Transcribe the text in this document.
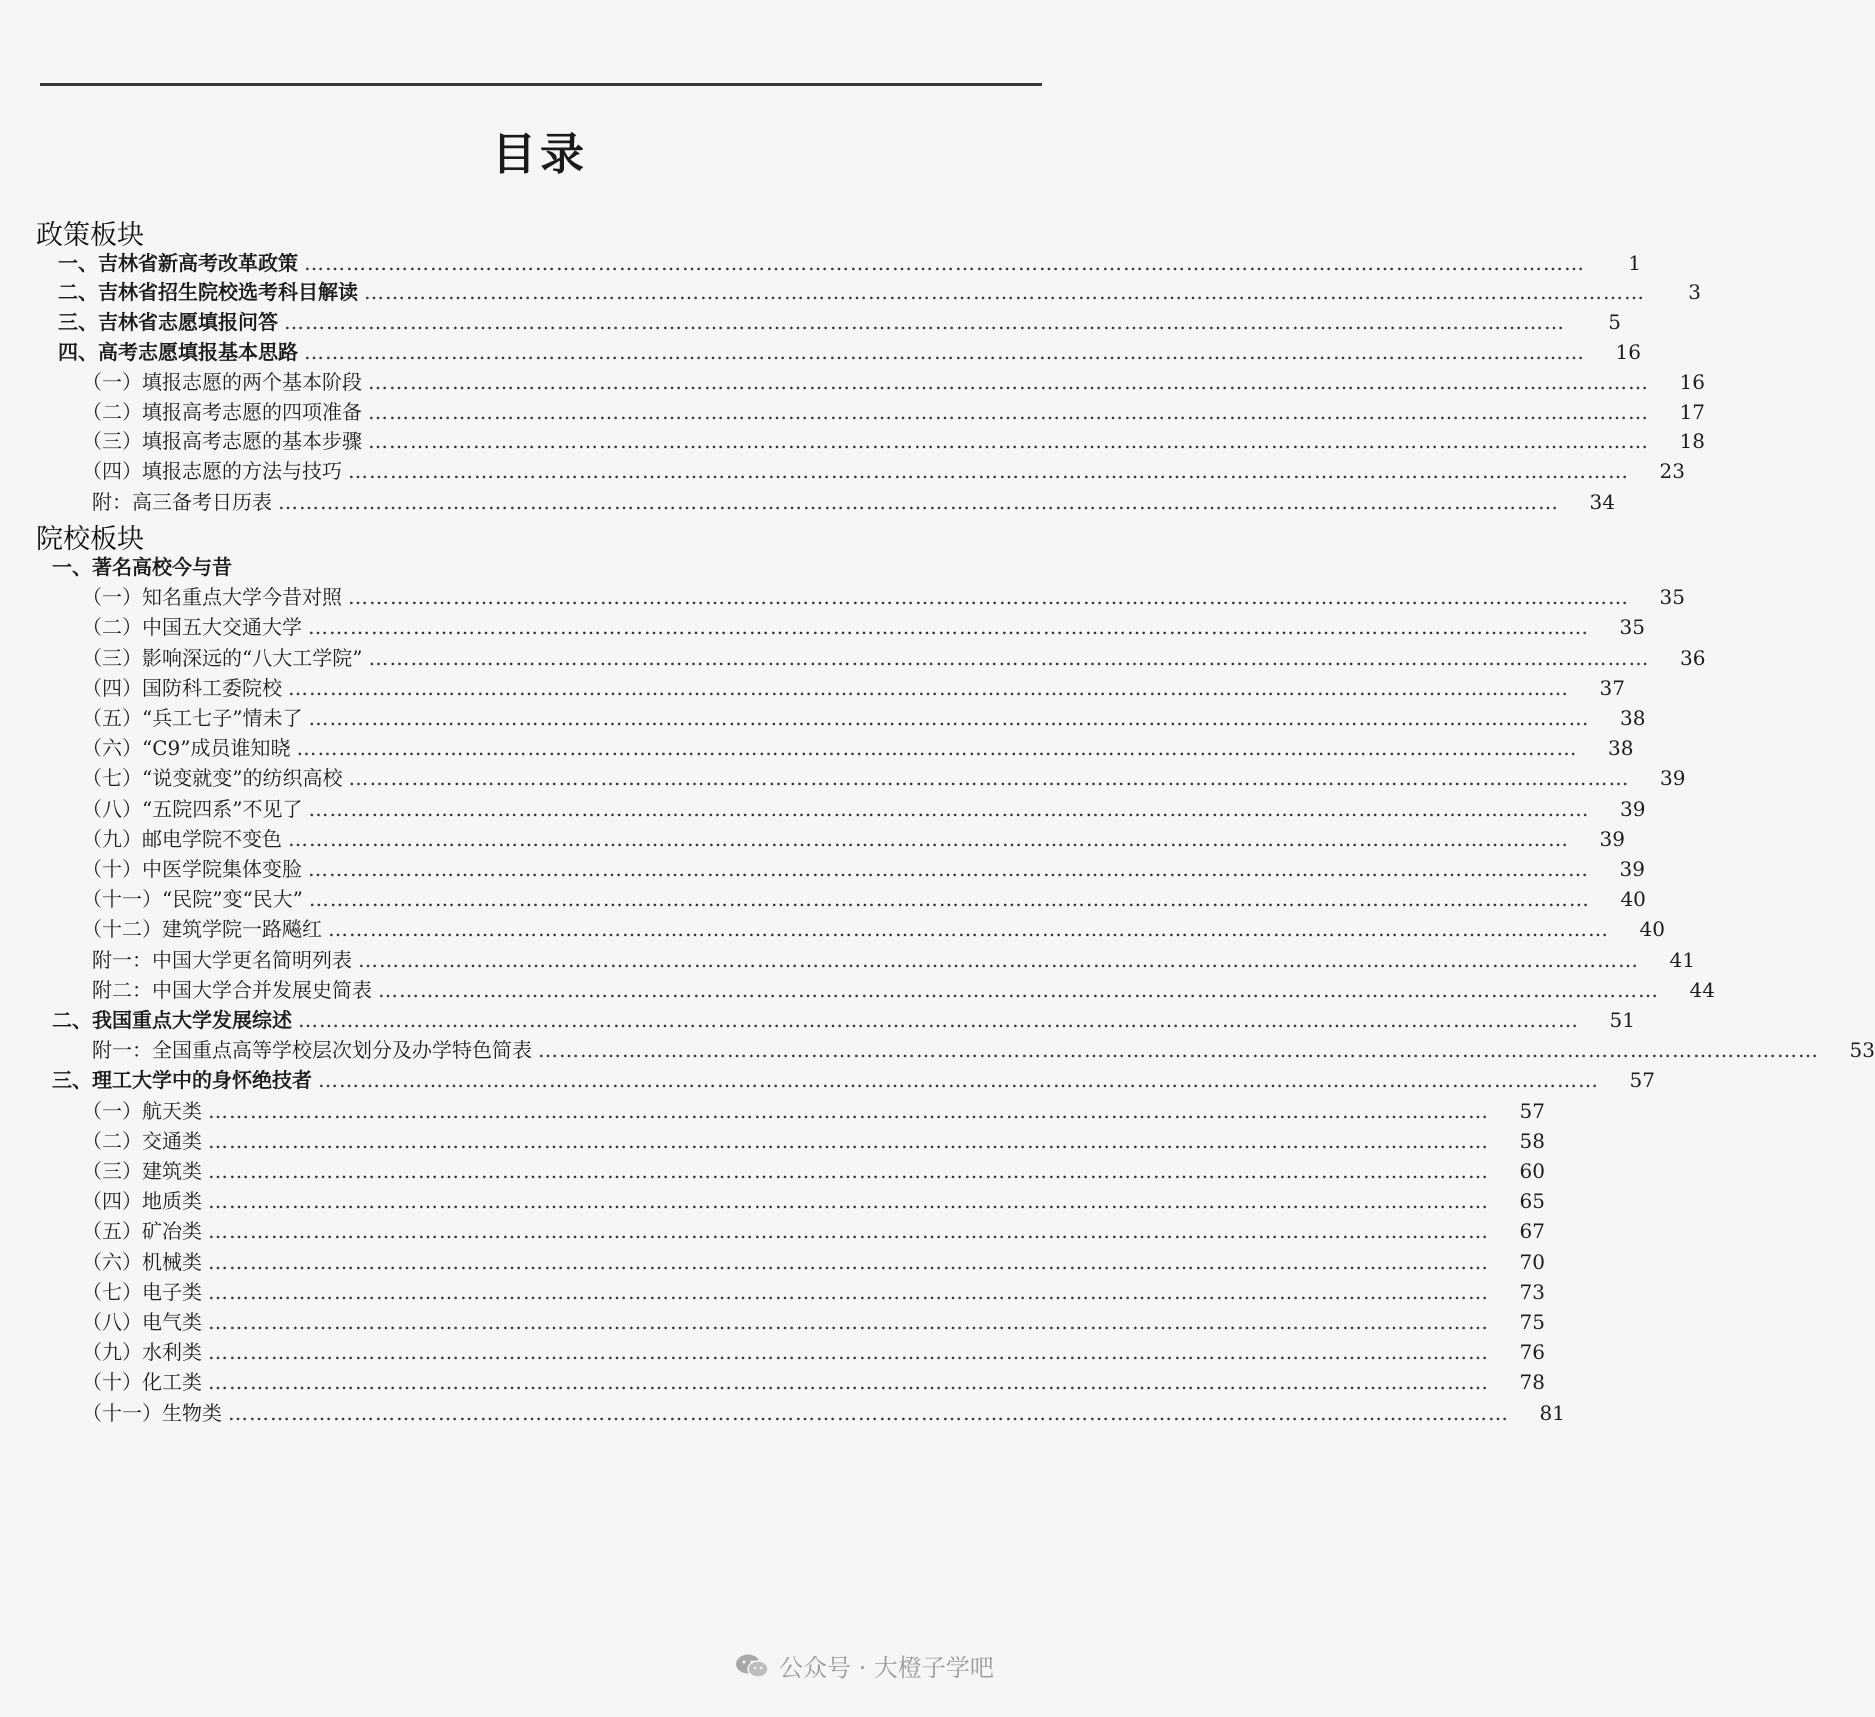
目录
政策板块
院校板块
一、吉林省新高考改革政策 …………………………………………………………………………………………………………………………………………………………………	1
二、吉林省招生院校选考科目解读 …………………………………………………………………………………………………………………………………………………………………	3
三、吉林省志愿填报问答 …………………………………………………………………………………………………………………………………………………………………	5
四、高考志愿填报基本思路 …………………………………………………………………………………………………………………………………………………………………	16
（一）填报志愿的两个基本阶段 …………………………………………………………………………………………………………………………………………………………………	16
（二）填报高考志愿的四项准备 …………………………………………………………………………………………………………………………………………………………………	17
（三）填报高考志愿的基本步骤 …………………………………………………………………………………………………………………………………………………………………	18
（四）填报志愿的方法与技巧 …………………………………………………………………………………………………………………………………………………………………	23
附：高三备考日历表 …………………………………………………………………………………………………………………………………………………………………	34
一、著名高校今与昔
（一）知名重点大学今昔对照 …………………………………………………………………………………………………………………………………………………………………	35
（二）中国五大交通大学 …………………………………………………………………………………………………………………………………………………………………	35
（三）影响深远的“八大工学院” …………………………………………………………………………………………………………………………………………………………………	36
（四）国防科工委院校 …………………………………………………………………………………………………………………………………………………………………	37
（五）“兵工七子”情未了 …………………………………………………………………………………………………………………………………………………………………	38
（六）“C9”成员谁知晓 …………………………………………………………………………………………………………………………………………………………………	38
（七）“说变就变”的纺织高校 …………………………………………………………………………………………………………………………………………………………………	39
（八）“五院四系”不见了 …………………………………………………………………………………………………………………………………………………………………	39
（九）邮电学院不变色 …………………………………………………………………………………………………………………………………………………………………	39
（十）中医学院集体变脸 …………………………………………………………………………………………………………………………………………………………………	39
（十一）“民院”变“民大” …………………………………………………………………………………………………………………………………………………………………	40
（十二）建筑学院一路飚红 …………………………………………………………………………………………………………………………………………………………………	40
附一：中国大学更名简明列表 …………………………………………………………………………………………………………………………………………………………………	41
附二：中国大学合并发展史简表 …………………………………………………………………………………………………………………………………………………………………	44
二、我国重点大学发展综述 …………………………………………………………………………………………………………………………………………………………………	51
附一：全国重点高等学校层次划分及办学特色简表 …………………………………………………………………………………………………………………………………………………………………	53
三、理工大学中的身怀绝技者 …………………………………………………………………………………………………………………………………………………………………	57
（一）航天类 …………………………………………………………………………………………………………………………………………………………………	57
（二）交通类 …………………………………………………………………………………………………………………………………………………………………	58
（三）建筑类 …………………………………………………………………………………………………………………………………………………………………	60
（四）地质类 …………………………………………………………………………………………………………………………………………………………………	65
（五）矿冶类 …………………………………………………………………………………………………………………………………………………………………	67
（六）机械类 …………………………………………………………………………………………………………………………………………………………………	70
（七）电子类 …………………………………………………………………………………………………………………………………………………………………	73
（八）电气类 …………………………………………………………………………………………………………………………………………………………………	75
（九）水利类 …………………………………………………………………………………………………………………………………………………………………	76
（十）化工类 …………………………………………………………………………………………………………………………………………………………………	78
（十一）生物类 …………………………………………………………………………………………………………………………………………………………………	81
公众号 · 大橙子学吧
